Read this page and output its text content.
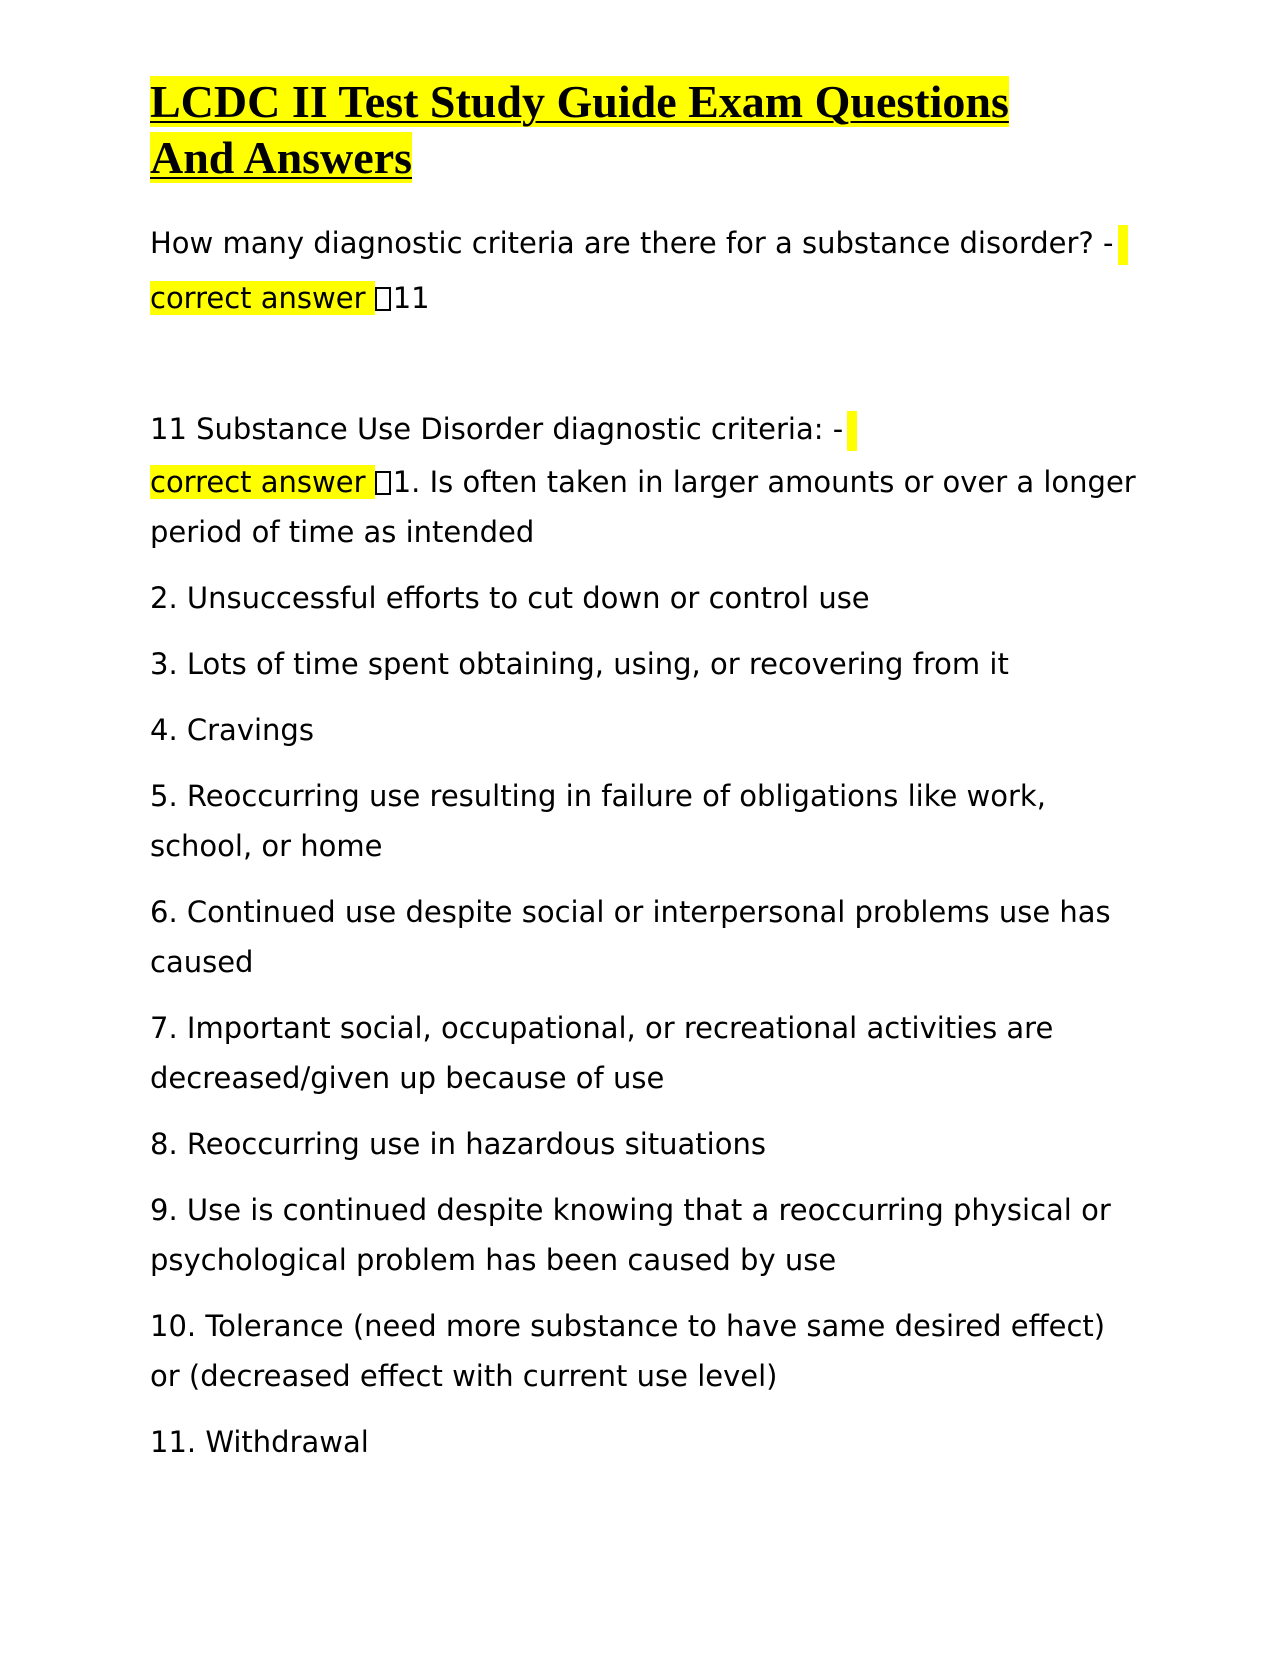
LCDC II Test Study Guide Exam Questions
And Answers

How many diagnostic criteria are there for a substance disorder? -
correct answer 11

11 Substance Use Disorder diagnostic criteria: -

correct answer 1. Is often taken in larger amounts or over a longer period of time as intended

2. Unsuccessful efforts to cut down or control use

3. Lots of time spent obtaining, using, or recovering from it

4. Cravings

5. Reoccurring use resulting in failure of obligations like work, school, or home

6. Continued use despite social or interpersonal problems use has caused

7. Important social, occupational, or recreational activities are decreased/given up because of use

8. Reoccurring use in hazardous situations

9. Use is continued despite knowing that a reoccurring physical or psychological problem has been caused by use

10. Tolerance (need more substance to have same desired effect) or (decreased effect with current use level)

11. Withdrawal
